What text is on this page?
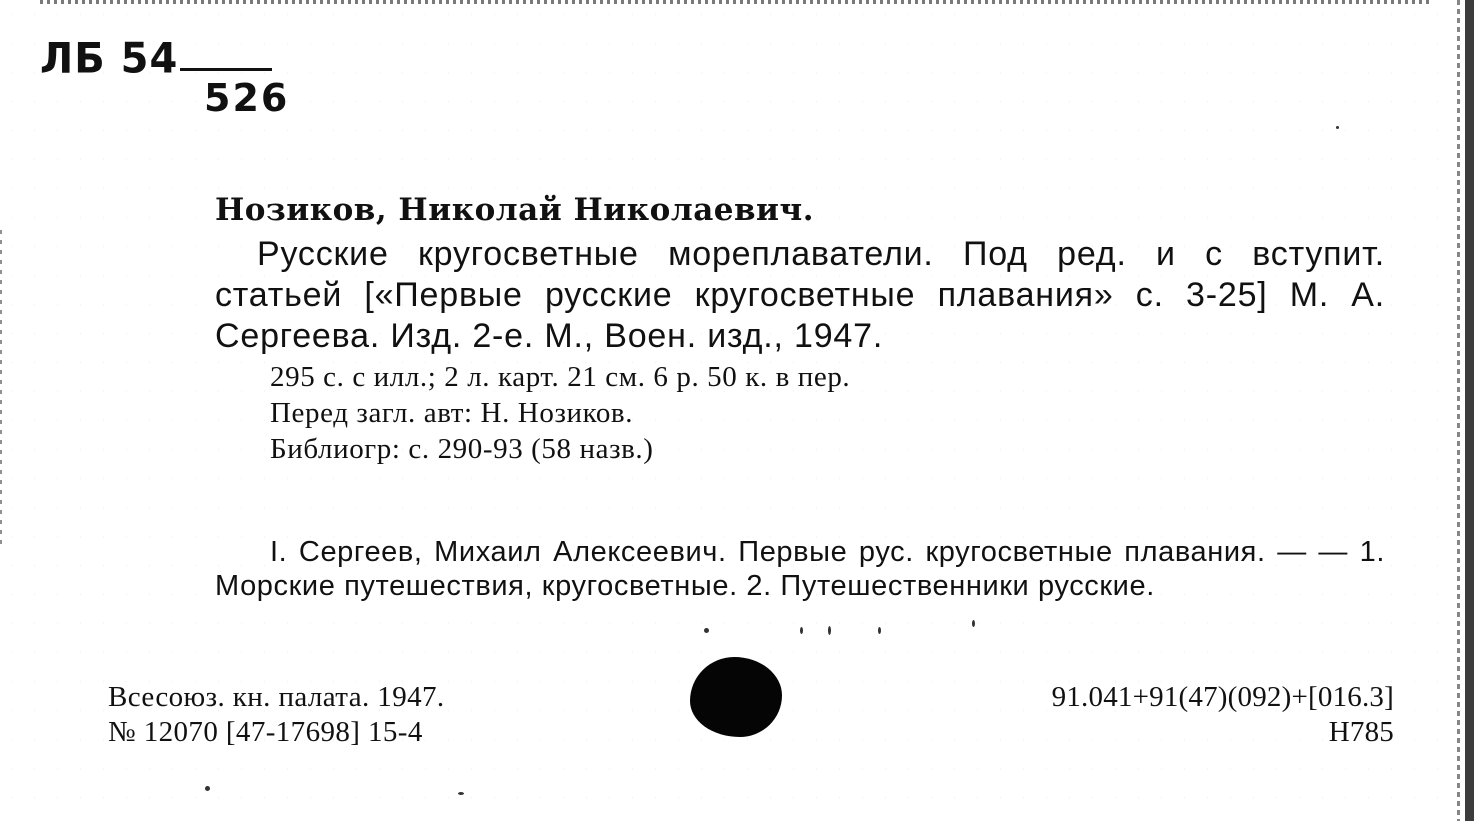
ЛБ 54
526
Нозиков, Николай Николаевич.
Русские кругосветные мореплаватели. Под ред. и с вступит. статьей [«Первые русские кругосветные плавания» с. 3-25] М. А. Сергеева. Изд. 2-е. М., Воен. изд., 1947.
295 с. с илл.; 2 л. карт. 21 см. 6 р. 50 к. в пер.
Перед загл. авт: Н. Нозиков.
Библиогр: с. 290-93 (58 назв.)
I. Сергеев, Михаил Алексеевич. Первые рус. кругосветные плавания. — — 1. Морские путешествия, кругосветные. 2. Путешественники русские.
Всесоюз. кн. палата. 1947.
№ 12070 [47-17698] 15-4
91.041+91(47)(092)+[016.3]
Н785
